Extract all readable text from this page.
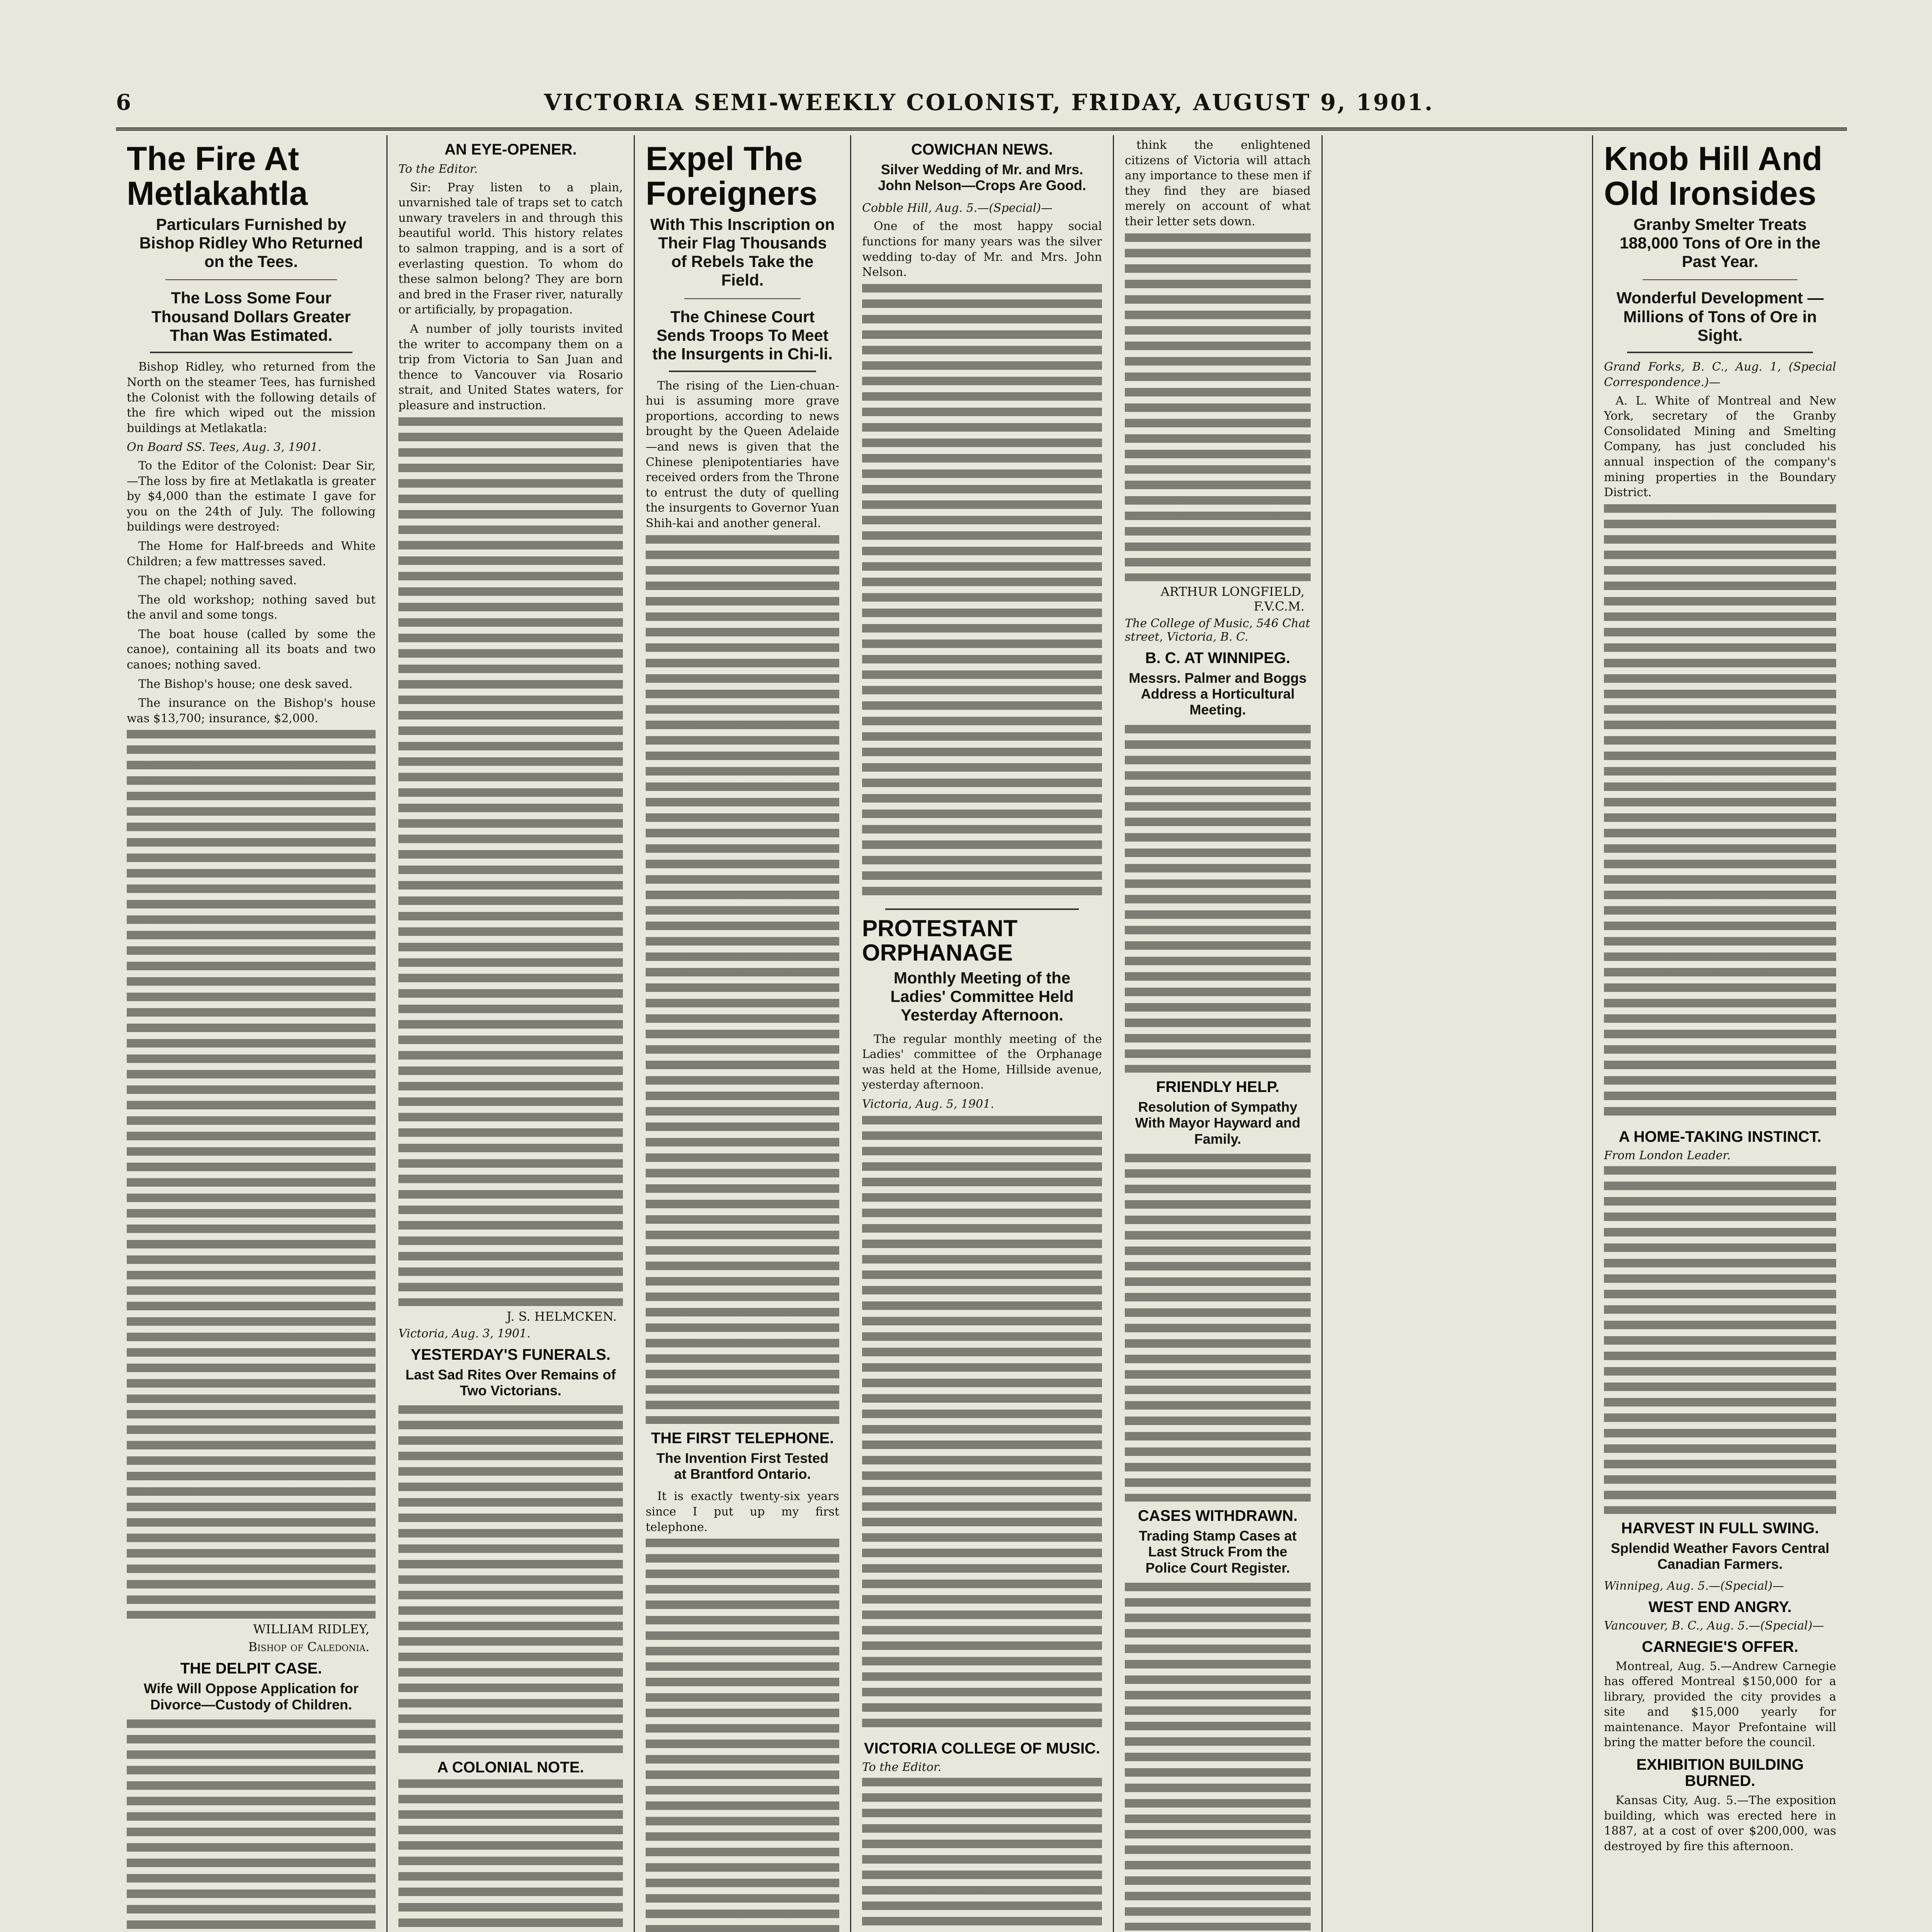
6	VICTORIA SEMI-WEEKLY COLONIST, FRIDAY, AUGUST 9, 1901.
The Fire At Metlakahtla
Particulars Furnished by Bishop Ridley Who Returned on the Tees.
The Loss Some Four Thousand Dollars Greater Than Was Estimated.

Bishop Ridley, who returned from the North on the steamer Tees, has furnished the Colonist with the following details of the fire which wiped out the mission buildings at Metlakatla:

On Board SS. Tees, Aug. 3, 1901.

To the Editor of the Colonist: Dear Sir,—The loss by fire at Metlakatla is greater by $4,000 than the estimate I gave for you on the 24th of July. The following buildings were destroyed:

The Home for Half-breeds and White Children; a few mattresses saved.

The chapel; nothing saved.

The old workshop; nothing saved but the anvil and some tongs.

The boat house (called by some the canoe), containing all its boats and two canoes; nothing saved.

The Bishop's house; one desk saved.

The insurance on the Bishop's house was $13,700; insurance, $2,000.

WILLIAM RIDLEY,
Bishop of Caledonia.
THE DELPIT CASE.
Wife Will Oppose Application for Divorce—Custody of Children.
AN EYE-OPENER.
To the Editor.

Sir: Pray listen to a plain, unvarnished tale of traps set to catch unwary travelers in and through this beautiful world. This history relates to salmon trapping, and is a sort of everlasting question. To whom do these salmon belong? They are born and bred in the Fraser river, naturally or artificially, by propagation.

A number of jolly tourists invited the writer to accompany them on a trip from Victoria to San Juan and thence to Vancouver via Rosario strait, and United States waters, for pleasure and instruction.

J. S. HELMCKEN.
Victoria, Aug. 3, 1901.
YESTERDAY'S FUNERALS.
Last Sad Rites Over Remains of Two Victorians.
A COLONIAL NOTE.
Expel The Foreigners
With This Inscription on Their Flag Thousands of Rebels Take the Field.
The Chinese Court Sends Troops To Meet the Insurgents in Chi-li.

The rising of the Lien-chuan-hui is assuming more grave proportions, according to news brought by the Queen Adelaide—and news is given that the Chinese plenipotentiaries have received orders from the Throne to entrust the duty of quelling the insurgents to Governor Yuan Shih-kai and another general.

THE FIRST TELEPHONE.
The Invention First Tested at Brantford Ontario.

It is exactly twenty-six years since I put up my first telephone.

COWICHAN NEWS.
Silver Wedding of Mr. and Mrs. John Nelson—Crops Are Good.
Cobble Hill, Aug. 5.—(Special)—

One of the most happy social functions for many years was the silver wedding to-day of Mr. and Mrs. John Nelson.

PROTESTANT ORPHANAGE
Monthly Meeting of the Ladies' Committee Held Yesterday Afternoon.

The regular monthly meeting of the Ladies' committee of the Orphanage was held at the Home, Hillside avenue, yesterday afternoon.

Victoria, Aug. 5, 1901.
VICTORIA COLLEGE OF MUSIC.
To the Editor.

think the enlightened citizens of Victoria will attach any importance to these men if they find they are biased merely on account of what their letter sets down.

ARTHUR LONGFIELD, F.V.C.M.
The College of Music, 546 Chat street, Victoria, B. C.
B. C. AT WINNIPEG.
Messrs. Palmer and Boggs Address a Horticultural Meeting.
FRIENDLY HELP.
Resolution of Sympathy With Mayor Hayward and Family.
CASES WITHDRAWN.
Trading Stamp Cases at Last Struck From the Police Court Register.

Knob Hill And Old Ironsides
Granby Smelter Treats 188,000 Tons of Ore in the Past Year.
Wonderful Development — Millions of Tons of Ore in Sight.
Grand Forks, B. C., Aug. 1, (Special Correspondence.)—

A. L. White of Montreal and New York, secretary of the Granby Consolidated Mining and Smelting Company, has just concluded his annual inspection of the company's mining properties in the Boundary District.

A HOME-TAKING INSTINCT.
From London Leader.
HARVEST IN FULL SWING.
Splendid Weather Favors Central Canadian Farmers.
Winnipeg, Aug. 5.—(Special)—
WEST END ANGRY.
Vancouver, B. C., Aug. 5.—(Special)—
CARNEGIE'S OFFER.

Montreal, Aug. 5.—Andrew Carnegie has offered Montreal $150,000 for a library, provided the city provides a site and $15,000 yearly for maintenance. Mayor Prefontaine will bring the matter before the council.

EXHIBITION BUILDING BURNED.

Kansas City, Aug. 5.—The exposition building, which was erected here in 1887, at a cost of over $200,000, was destroyed by fire this afternoon.
